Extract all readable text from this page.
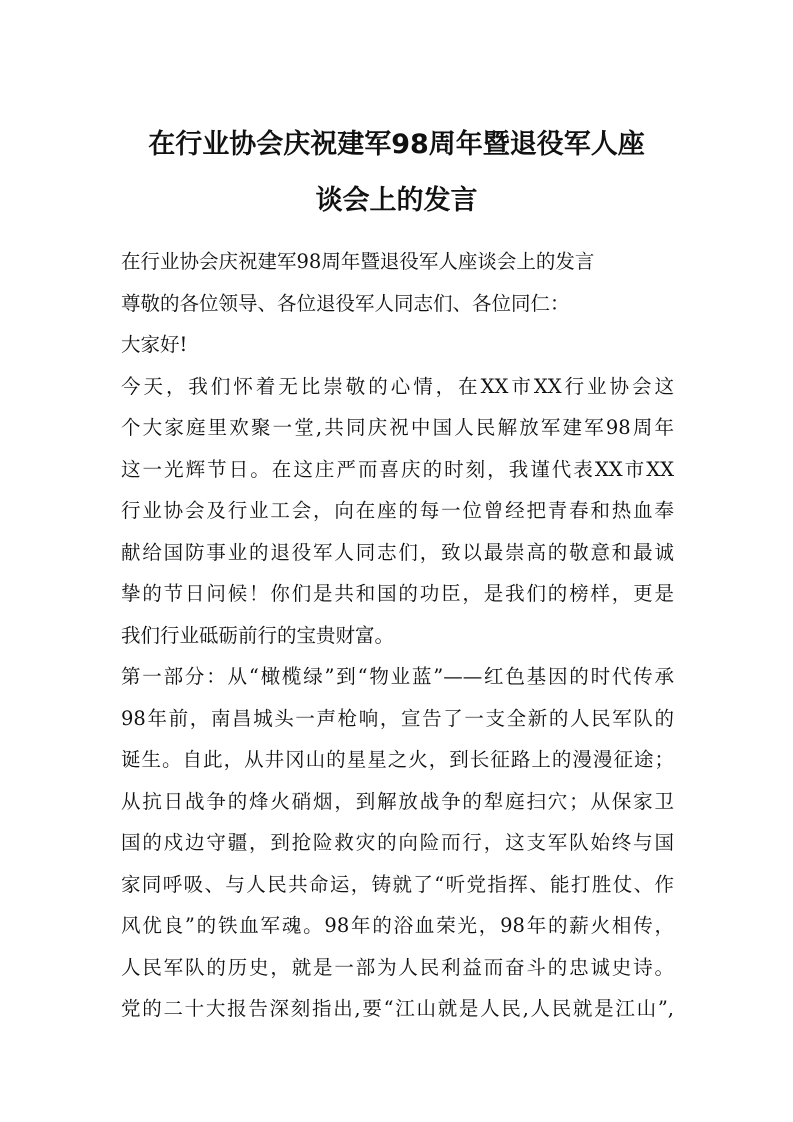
在行业协会庆祝建军98周年暨退役军人座
谈会上的发言
在行业协会庆祝建军98周年暨退役军人座谈会上的发言
尊敬的各位领导、各位退役军人同志们、各位同仁：
大家好!
今天，我们怀着无比崇敬的心情，在XX市XX行业协会这
个大家庭里欢聚一堂,共同庆祝中国人民解放军建军98周年
这一光辉节日。在这庄严而喜庆的时刻，我谨代表XX市XX
行业协会及行业工会，向在座的每一位曾经把青春和热血奉
献给国防事业的退役军人同志们，致以最崇高的敬意和最诚
挚的节日问候！你们是共和国的功臣，是我们的榜样，更是
我们行业砥砺前行的宝贵财富。
第一部分：从“橄榄绿”到“物业蓝”——红色基因的时代传承
98年前，南昌城头一声枪响，宣告了一支全新的人民军队的
诞生。自此，从井冈山的星星之火，到长征路上的漫漫征途；
从抗日战争的烽火硝烟，到解放战争的犁庭扫穴；从保家卫
国的戍边守疆，到抢险救灾的向险而行，这支军队始终与国
家同呼吸、与人民共命运，铸就了“听党指挥、能打胜仗、作
风优良”的铁血军魂。98年的浴血荣光，98年的薪火相传，
人民军队的历史，就是一部为人民利益而奋斗的忠诚史诗。
党的二十大报告深刻指出,要“江山就是人民,人民就是江山”,
